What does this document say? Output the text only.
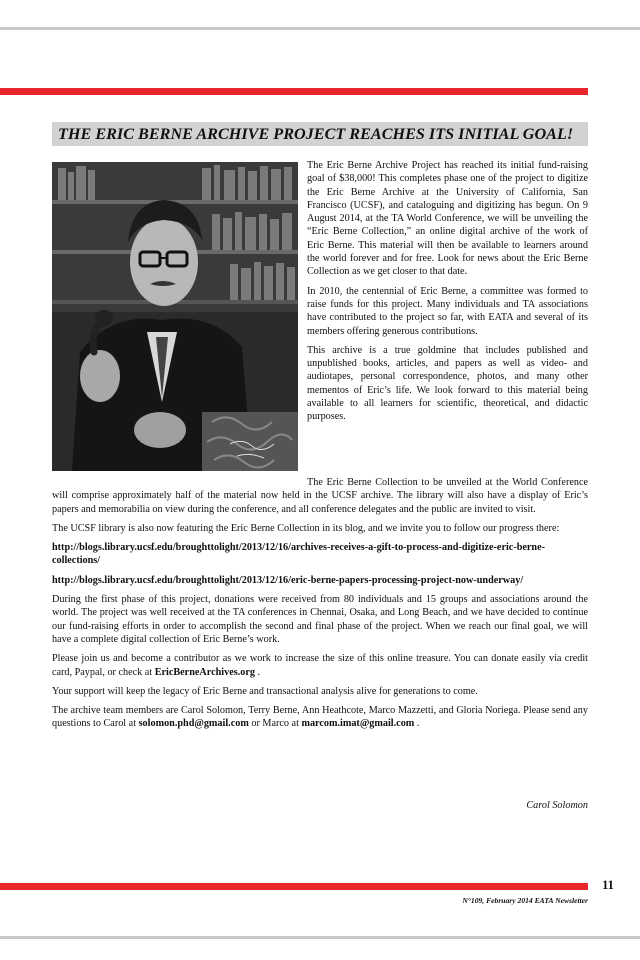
THE ERIC BERNE ARCHIVE PROJECT REACHES ITS INITIAL GOAL!

The Eric Berne Archive Project has reached its initial fund-raising goal of $38,000! This completes phase one of the project to digitize the Eric Berne Archive at the University of California, San Francisco (UCSF), and cataloguing and digitizing has begun. On 9 August 2014, at the TA World Conference, we will be unveiling the “Eric Berne Collection,” an online digital archive of the work of Eric Berne. This material will then be available to learners around the world forever and for free. Look for news about the Eric Berne Collection as we get closer to that date.

In 2010, the centennial of Eric Berne, a committee was formed to raise funds for this project. Many individuals and TA associations have contributed to the project so far, with EATA and several of its members offering generous contributions.

This archive is a true goldmine that includes published and unpublished books, articles, and papers as well as video- and audiotapes, personal correspondence, photos, and many other mementos of Eric’s life. We look forward to this material being available to all learners for scientific, theoretical, and didactic purposes.

The Eric Berne Collection to be unveiled at the World Conference will comprise approximately half of the material now held in the UCSF archive. The library will also have a display of Eric’s papers and memorabilia on view during the conference, and all conference delegates and the public are invited to visit.

The UCSF library is also now featuring the Eric Berne Collection in its blog, and we invite you to follow our progress there:

http://blogs.library.ucsf.edu/broughttolight/2013/12/16/archives-receives-a-gift-to-process-and-digitize-eric-berne-collections/

http://blogs.library.ucsf.edu/broughttolight/2013/12/16/eric-berne-papers-processing-project-now-underway/

During the first phase of this project, donations were received from 80 individuals and 15 groups and associations around the world. The project was well received at the TA conferences in Chennai, Osaka, and Long Beach, and we have decided to continue our fund-raising efforts in order to accomplish the second and final phase of the project. When we reach our final goal, we will have a complete digital collection of Eric Berne’s work.

Please join us and become a contributor as we work to increase the size of this online treasure. You can donate easily via credit card, Paypal, or check at EricBerneArchives.org .

Your support will keep the legacy of Eric Berne and transactional analysis alive for generations to come.

The archive team members are Carol Solomon, Terry Berne, Ann Heathcote, Marco Mazzetti, and Gloria Noriega. Please send any questions to Carol at solomon.phd@gmail.com or Marco at marcom.imat@gmail.com .

Carol Solomon
11
N°109, February 2014 EATA Newsletter
